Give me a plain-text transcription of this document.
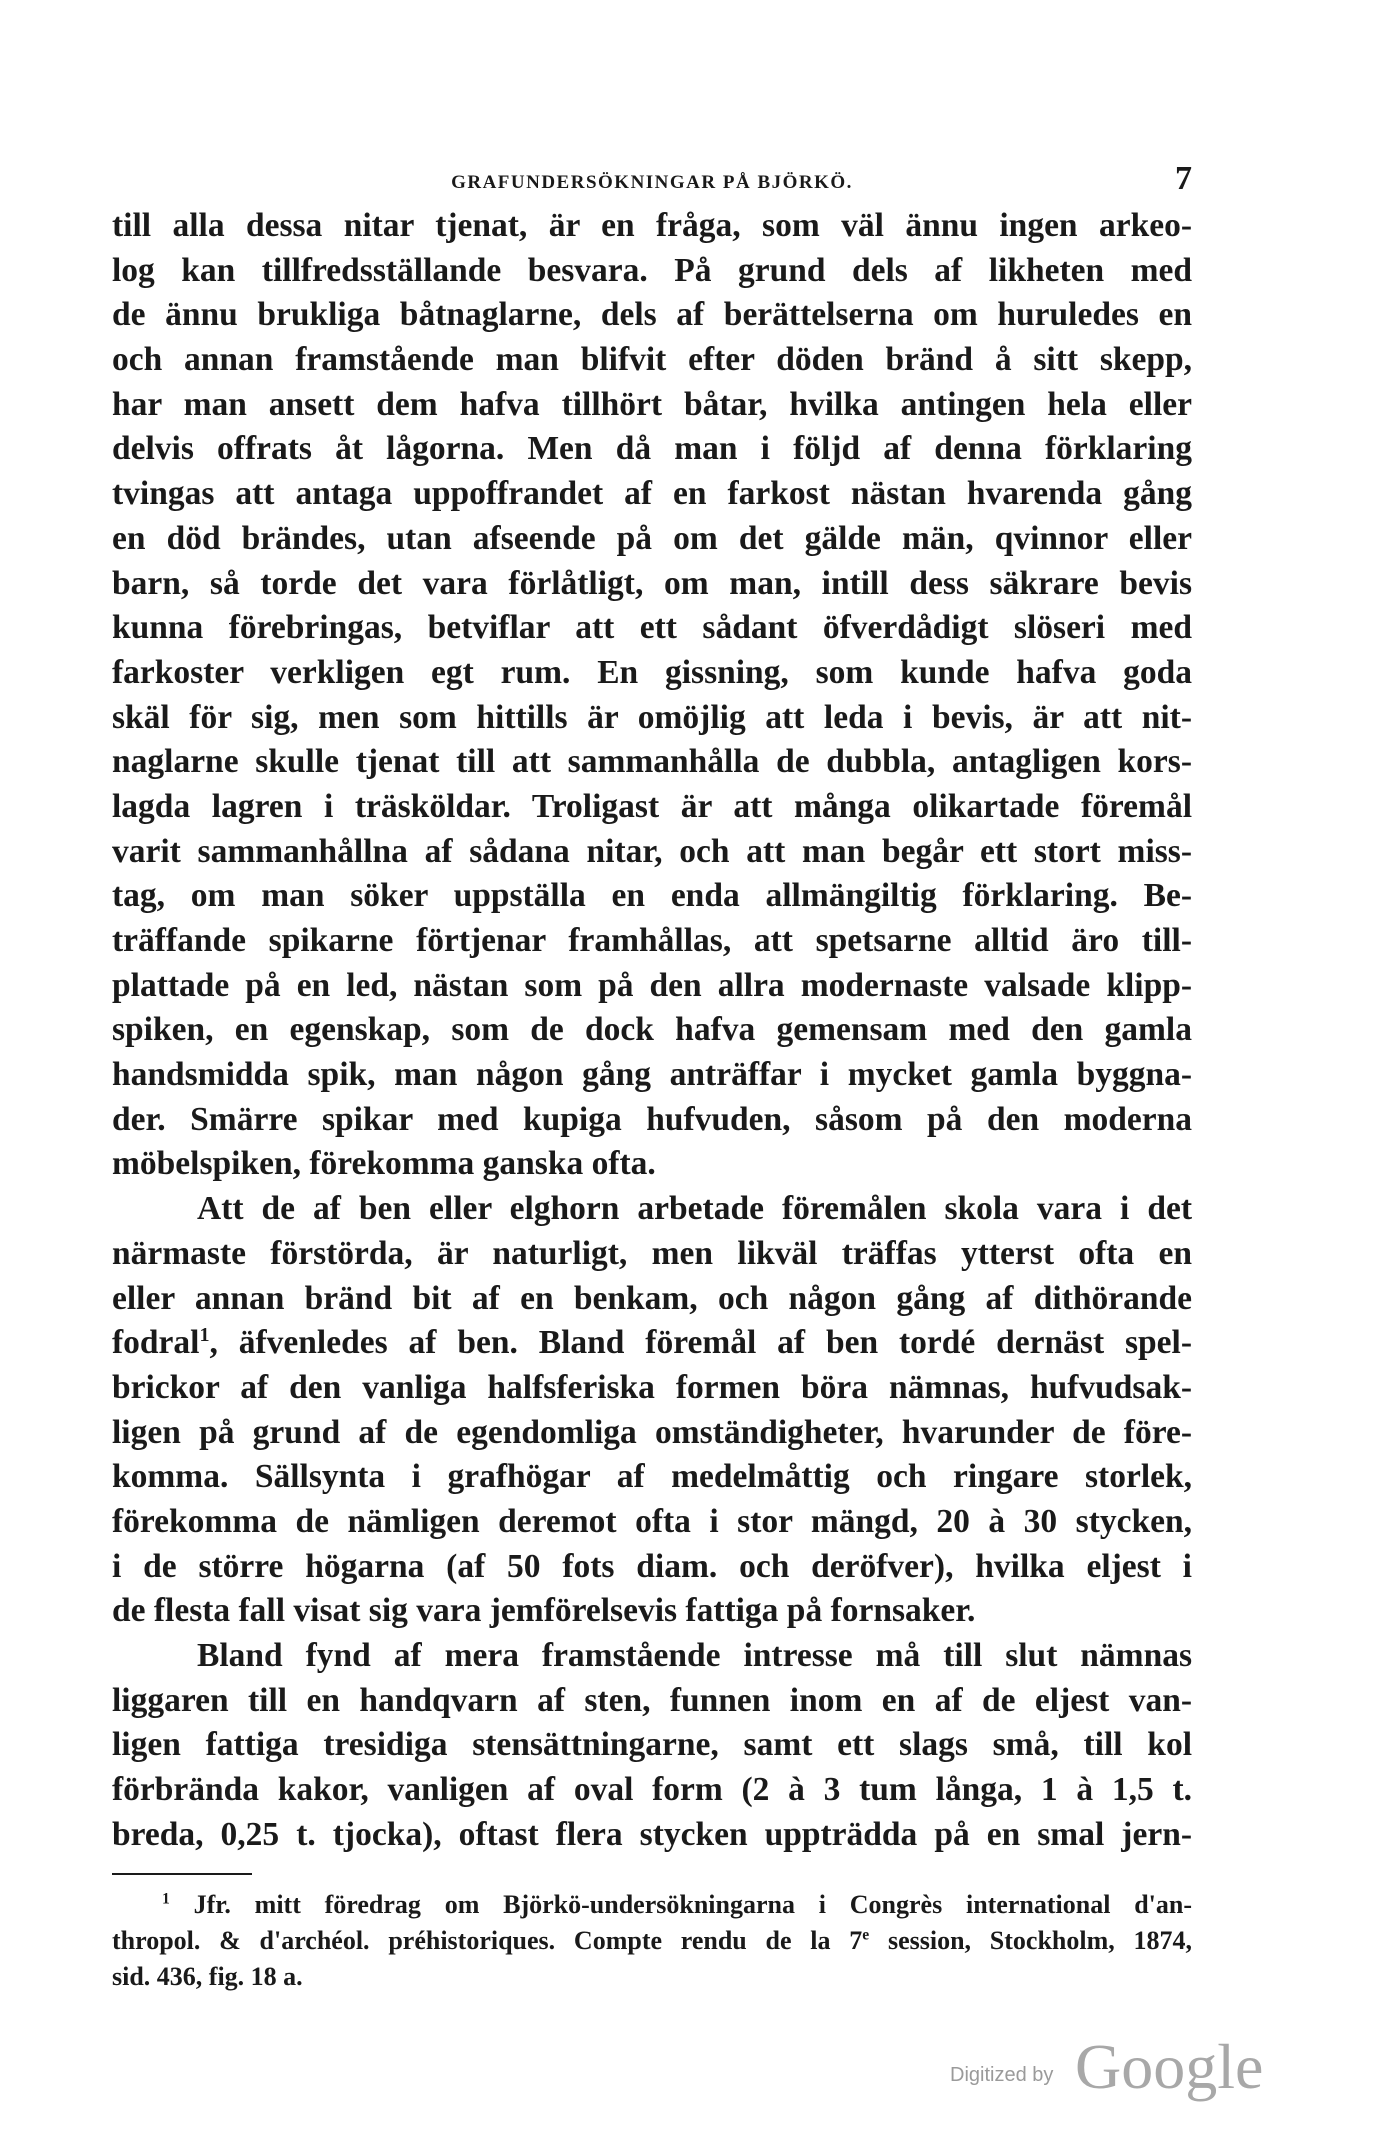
GRAFUNDERSÖKNINGAR PÅ BJÖRKÖ.	7
till alla dessa nitar tjenat, är en fråga, som väl ännu ingen arkeo-
log kan tillfredsställande besvara. På grund dels af likheten med
de ännu brukliga båtnaglarne, dels af berättelserna om huruledes en
och annan framstående man blifvit efter döden bränd å sitt skepp,
har man ansett dem hafva tillhört båtar, hvilka antingen hela eller
delvis offrats åt lågorna. Men då man i följd af denna förklaring
tvingas att antaga uppoffrandet af en farkost nästan hvarenda gång
en död brändes, utan afseende på om det gälde män, qvinnor eller
barn, så torde det vara förlåtligt, om man, intill dess säkrare bevis
kunna förebringas, betviflar att ett sådant öfverdådigt slöseri med
farkoster verkligen egt rum. En gissning, som kunde hafva goda
skäl för sig, men som hittills är omöjlig att leda i bevis, är att nit-
naglarne skulle tjenat till att sammanhålla de dubbla, antagligen kors-
lagda lagren i träsköldar. Troligast är att många olikartade föremål
varit sammanhållna af sådana nitar, och att man begår ett stort miss-
tag, om man söker uppställa en enda allmängiltig förklaring. Be-
träffande spikarne förtjenar framhållas, att spetsarne alltid äro till-
plattade på en led, nästan som på den allra modernaste valsade klipp-
spiken, en egenskap, som de dock hafva gemensam med den gamla
handsmidda spik, man någon gång anträffar i mycket gamla byggna-
der. Smärre spikar med kupiga hufvuden, såsom på den moderna
möbelspiken, förekomma ganska ofta.
Att de af ben eller elghorn arbetade föremålen skola vara i det
närmaste förstörda, är naturligt, men likväl träffas ytterst ofta en
eller annan bränd bit af en benkam, och någon gång af dithörande
fodral$^1$, äfvenledes af ben. Bland föremål af ben tordé dernäst spel-
brickor af den vanliga halfsferiska formen böra nämnas, hufvudsak-
ligen på grund af de egendomliga omständigheter, hvarunder de före-
komma. Sällsynta i grafhögar af medelmåttig och ringare storlek,
förekomma de nämligen deremot ofta i stor mängd, 20 à 30 stycken,
i de större högarna (af 50 fots diam. och deröfver), hvilka eljest i
de flesta fall visat sig vara jemförelsevis fattiga på fornsaker.
Bland fynd af mera framstående intresse må till slut nämnas
liggaren till en handqvarn af sten, funnen inom en af de eljest van-
ligen fattiga tresidiga stensättningarne, samt ett slags små, till kol
förbrända kakor, vanligen af oval form (2 à 3 tum långa, 1 à 1,5 t.
breda, 0,25 t. tjocka), oftast flera stycken uppträdda på en smal jern-
$^1$ Jfr. mitt föredrag om Björkö-undersökningarna i Congrès international d'an-
thropol. & d'archéol. préhistoriques. Compte rendu de la 7e session, Stockholm, 1874,
sid. 436, fig. 18 a.
Digitized by Google
